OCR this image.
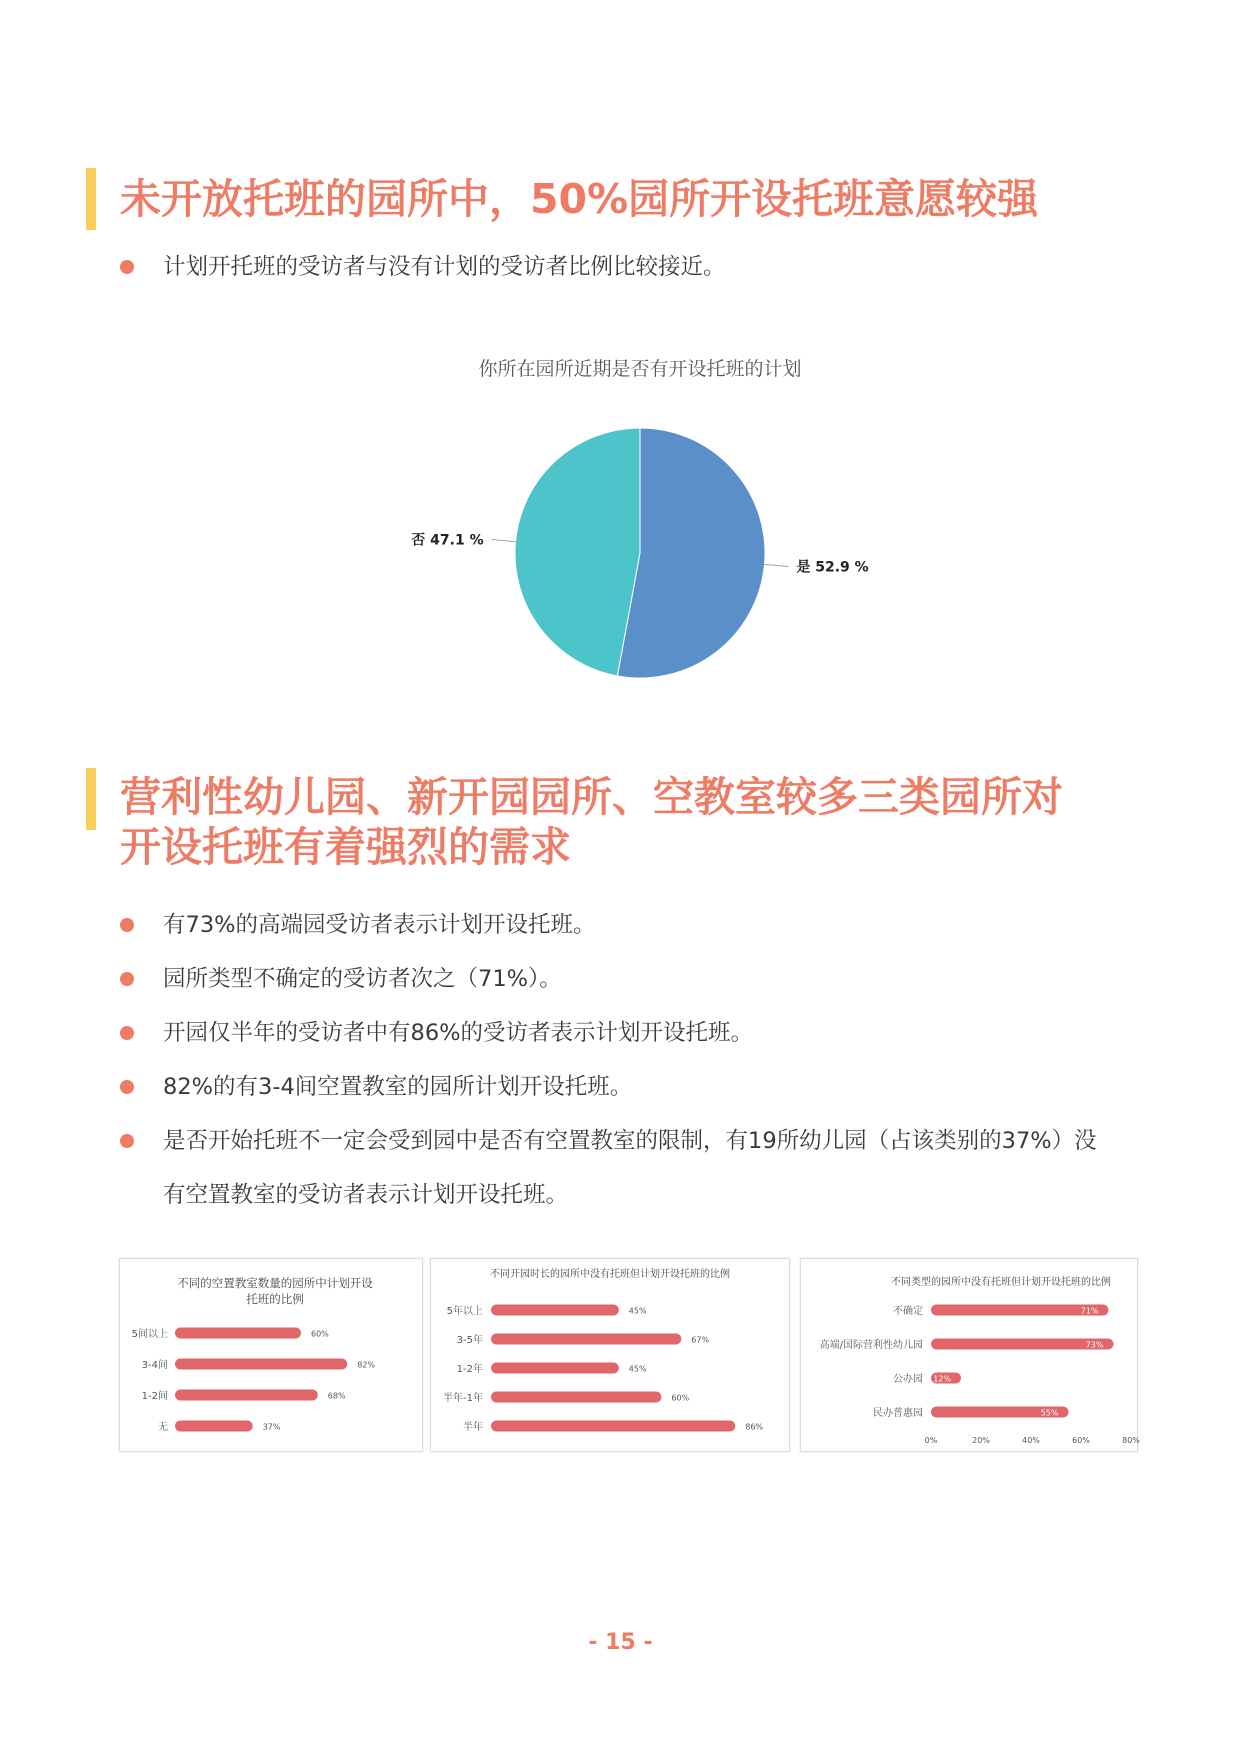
未开放托班的园所中，50%园所开设托班意愿较强
计划开托班的受访者与没有计划的受访者比例比较接近。
你所在园所近期是否有开设托班的计划
是 52.9 %
否 47.1 %
营利性幼儿园、新开园园所、空教室较多三类园所对
开设托班有着强烈的需求
有73%的高端园受访者表示计划开设托班。
园所类型不确定的受访者次之（71%）。
开园仅半年的受访者中有86%的受访者表示计划开设托班。
82%的有3-4间空置教室的园所计划开设托班。
是否开始托班不一定会受到园中是否有空置教室的限制，有19所幼儿园（占该类别的37%）没
有空置教室的受访者表示计划开设托班。
不同的空置教室数量的园所中计划开设
托班的比例
5间以上	60%
3-4间	82%
1-2间	68%
无	37%
不同开园时长的园所中没有托班但计划开设托班的比例
5年以上	45%
3-5年	67%
1-2年	45%
半年-1年	60%
半年	86%
不同类型的园所中没有托班但计划开设托班的比例
不确定	71%
高端/国际营利性幼儿园	73%
公办园 12%
民办普惠园	55%
0%	20%	40%	60%	80%
- 15 -
